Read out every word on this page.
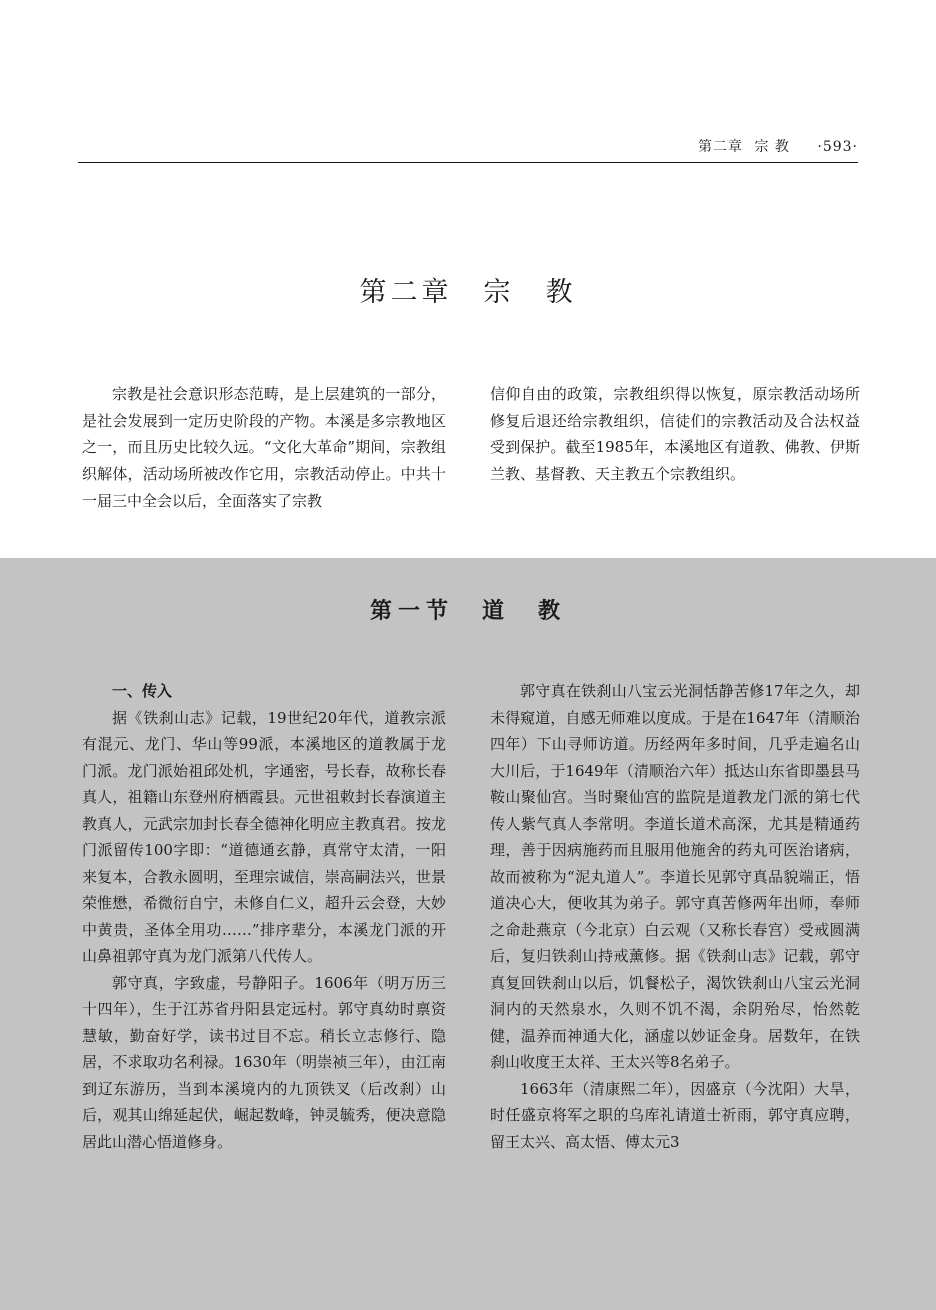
第二章 宗 教 ·593·
第二章　宗　教

宗教是社会意识形态范畴，是上层建筑的一部分，是社会发展到一定历史阶段的产物。本溪是多宗教地区之一，而且历史比较久远。“文化大革命”期间，宗教组织解体，活动场所被改作它用，宗教活动停止。中共十一届三中全会以后，全面落实了宗教

信仰自由的政策，宗教组织得以恢复，原宗教活动场所修复后退还给宗教组织，信徒们的宗教活动及合法权益受到保护。截至1985年，本溪地区有道教、佛教、伊斯兰教、基督教、天主教五个宗教组织。

第一节　道　教
一、传入

据《铁刹山志》记载，19世纪20年代，道教宗派有混元、龙门、华山等99派，本溪地区的道教属于龙门派。龙门派始祖邱处机，字通密，号长春，故称长春真人，祖籍山东登州府栖霞县。元世祖敕封长春演道主教真人，元武宗加封长春全德神化明应主教真君。按龙门派留传100字即：“道德通玄静，真常守太清，一阳来复本，合教永圆明，至理宗诚信，崇高嗣法兴，世景荣惟懋，希微衍自宁，未修自仁义，超升云会登，大妙中黄贵，圣体全用功……”排序辈分，本溪龙门派的开山鼻祖郭守真为龙门派第八代传人。

郭守真，字致虚，号静阳子。1606年（明万历三十四年），生于江苏省丹阳县定远村。郭守真幼时禀资慧敏，勤奋好学，读书过目不忘。稍长立志修行、隐居，不求取功名利禄。1630年（明崇祯三年），由江南到辽东游历，当到本溪境内的九顶铁叉（后改刹）山后，观其山绵延起伏，崛起数峰，钟灵毓秀，便决意隐居此山潜心悟道修身。

郭守真在铁刹山八宝云光洞恬静苦修17年之久，却未得窥道，自感无师难以度成。于是在1647年（清顺治四年）下山寻师访道。历经两年多时间，几乎走遍名山大川后，于1649年（清顺治六年）抵达山东省即墨县马鞍山聚仙宫。当时聚仙宫的监院是道教龙门派的第七代传人紫气真人李常明。李道长道术高深，尤其是精通药理，善于因病施药而且服用他施舍的药丸可医治诸病，故而被称为“泥丸道人”。李道长见郭守真品貌端正，悟道决心大，便收其为弟子。郭守真苦修两年出师，奉师之命赴燕京（今北京）白云观（又称长春宫）受戒圆满后，复归铁刹山持戒薰修。据《铁刹山志》记载，郭守真复回铁刹山以后，饥餐松子，渴饮铁刹山八宝云光洞洞内的天然泉水，久则不饥不渴，余阴殆尽，怡然乾健，温养而神通大化，涵虚以妙证金身。居数年，在铁刹山收度王太祥、王太兴等8名弟子。

1663年（清康熙二年），因盛京（今沈阳）大旱，时任盛京将军之职的乌库礼请道士祈雨，郭守真应聘，留王太兴、高太悟、傅太元3
